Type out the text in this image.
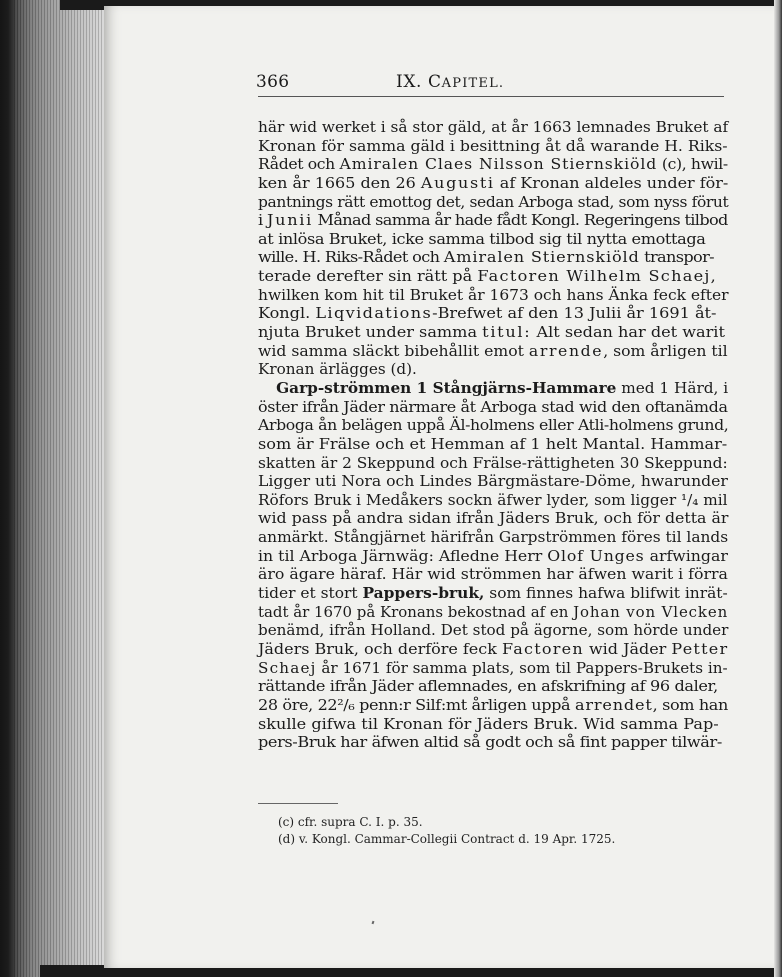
366	IX. CAPITEL.
här wid werket i så stor gäld, at år 1663 lemnades Bruket af
Kronan för samma gäld i besittning åt då warande H. Riks-
Rådet och Amiralen Claes Nilsson Stiernskiöld (c), hwil-
ken år 1665 den 26 Augusti af Kronan aldeles under för-
pantnings rätt emottog det, sedan Arboga stad, som nyss förut
i Junii Månad samma år hade fådt Kongl. Regeringens tilbod
at inlösa Bruket, icke samma tilbod sig til nytta emottaga
wille. H. Riks-Rådet och Amiralen Stiernskiöld transpor-
terade derefter sin rätt på Factoren Wilhelm Schaej,
hwilken kom hit til Bruket år 1673 och hans Änka feck efter
Kongl. Liqvidations-Brefwet af den 13 Julii år 1691 åt-
njuta Bruket under samma titul: Alt sedan har det warit
wid samma släckt bibehållit emot arrende, som årligen til
Kronan ärlägges (d).
Garp-strömmen 1 Stångjärns-Hammare med 1 Härd, i
öster ifrån Jäder närmare åt Arboga stad wid den oftanämda
Arboga ån belägen uppå Äl-holmens eller Atli-holmens grund,
som är Frälse och et Hemman af 1 helt Mantal. Hammar-
skatten är 2 Skeppund och Frälse-rättigheten 30 Skeppund:
Ligger uti Nora och Lindes Bärgmästare-Döme, hwarunder
Röfors Bruk i Medåkers sockn äfwer lyder, som ligger ¹/₄ mil
wid pass på andra sidan ifrån Jäders Bruk, och för detta är
anmärkt. Stångjärnet härifrån Garpströmmen föres til lands
in til Arboga Järnwäg: Afledne Herr Olof Unges arfwingar
äro ägare häraf. Här wid strömmen har äfwen warit i förra
tider et stort Pappers-bruk, som finnes hafwa blifwit inrät-
tadt år 1670 på Kronans bekostnad af en Johan von Vlecken
benämd, ifrån Holland. Det stod på ägorne, som hörde under
Jäders Bruk, och derföre feck Factoren wid Jäder Petter
Schaej år 1671 för samma plats, som til Pappers-Brukets in-
rättande ifrån Jäder aflemnades, en afskrifning af 96 daler,
28 öre, 22²/₆ penn:r Silf:mt årligen uppå arrendet, som han
skulle gifwa til Kronan för Jäders Bruk. Wid samma Pap-
pers-Bruk har äfwen altid så godt och så fint papper tilwär-
(c) cfr. supra C. I. p. 35.
(d) v. Kongl. Cammar-Collegii Contract d. 19 Apr. 1725.
